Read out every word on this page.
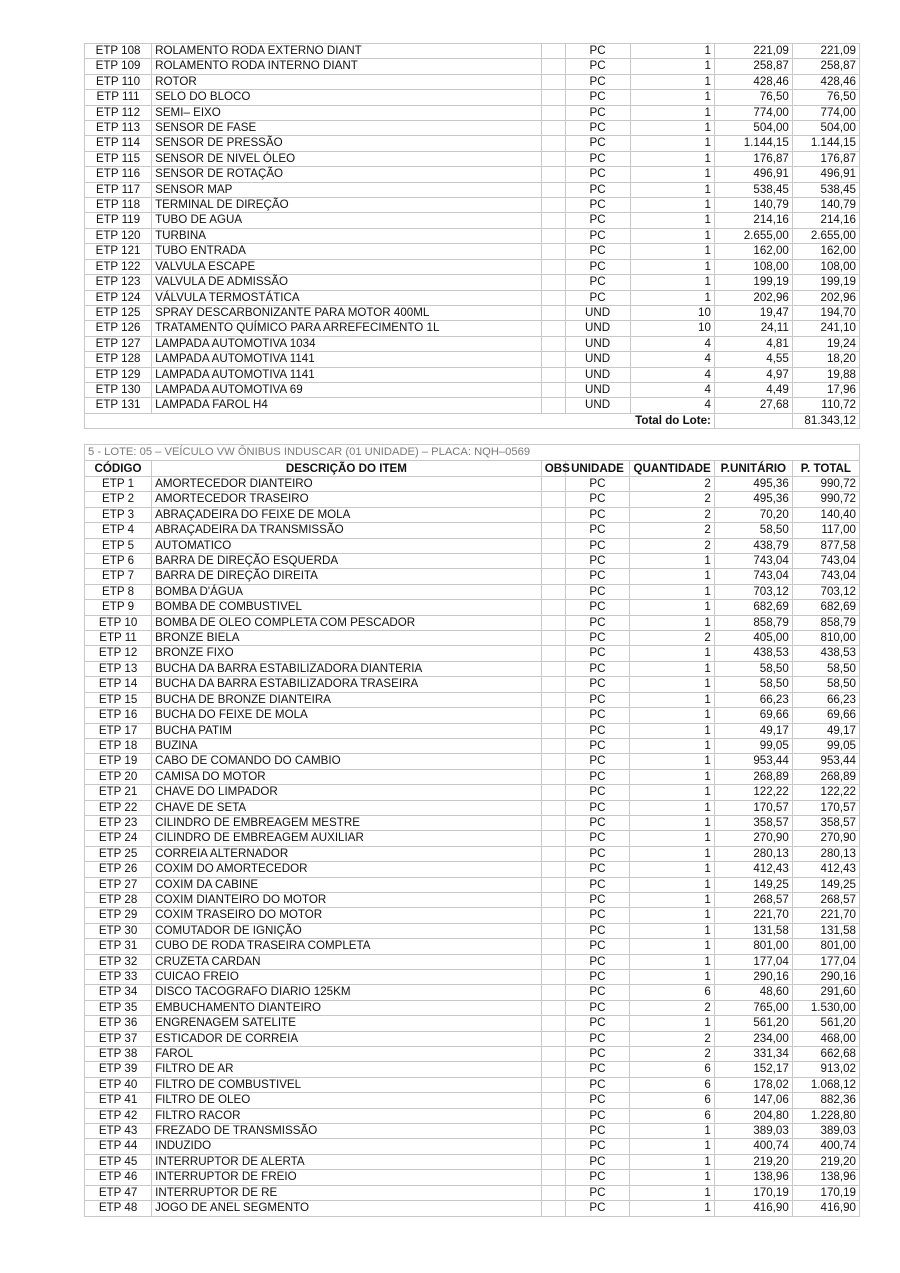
ETP 108	ROLAMENTO RODA EXTERNO DIANT		PC	1	221,09	221,09
ETP 109	ROLAMENTO RODA INTERNO DIANT		PC	1	258,87	258,87
ETP 110	ROTOR		PC	1	428,46	428,46
ETP 111	SELO DO BLOCO		PC	1	76,50	76,50
ETP 112	SEMI– EIXO		PC	1	774,00	774,00
ETP 113	SENSOR DE FASE		PC	1	504,00	504,00
ETP 114	SENSOR DE PRESSÃO		PC	1	1.144,15	1.144,15
ETP 115	SENSOR DE NIVEL ÓLEO		PC	1	176,87	176,87
ETP 116	SENSOR DE ROTAÇÃO		PC	1	496,91	496,91
ETP 117	SENSOR MAP		PC	1	538,45	538,45
ETP 118	TERMINAL DE DIREÇÃO		PC	1	140,79	140,79
ETP 119	TUBO DE AGUA		PC	1	214,16	214,16
ETP 120	TURBINA		PC	1	2.655,00	2.655,00
ETP 121	TUBO ENTRADA		PC	1	162,00	162,00
ETP 122	VALVULA ESCAPE		PC	1	108,00	108,00
ETP 123	VALVULA DE ADMISSÃO		PC	1	199,19	199,19
ETP 124	VÁLVULA TERMOSTÁTICA		PC	1	202,96	202,96
ETP 125	SPRAY DESCARBONIZANTE PARA MOTOR 400ML		UND	10	19,47	194,70
ETP 126	TRATAMENTO QUÍMICO PARA ARREFECIMENTO 1L		UND	10	24,11	241,10
ETP 127	LAMPADA AUTOMOTIVA 1034		UND	4	4,81	19,24
ETP 128	LAMPADA AUTOMOTIVA 1141		UND	4	4,55	18,20
ETP 129	LAMPADA AUTOMOTIVA 1141		UND	4	4,97	19,88
ETP 130	LAMPADA AUTOMOTIVA 69		UND	4	4,49	17,96
ETP 131	LAMPADA FAROL H4		UND	4	27,68	110,72
Total do Lote:						81.343,12
5 - LOTE: 05 – VEÍCULO VW ÔNIBUS INDUSCAR (01 UNIDADE) – PLACA: NQH–0569						
CÓDIGO	DESCRIÇÃO DO ITEM	OBS	UNIDADE	QUANTIDADE	P.UNITÁRIO	P. TOTAL
ETP 1	AMORTECEDOR DIANTEIRO		PC	2	495,36	990,72
ETP 2	AMORTECEDOR TRASEIRO		PC	2	495,36	990,72
ETP 3	ABRAÇADEIRA DO FEIXE DE MOLA		PC	2	70,20	140,40
ETP 4	ABRAÇADEIRA DA TRANSMISSÃO		PC	2	58,50	117,00
ETP 5	AUTOMATICO		PC	2	438,79	877,58
ETP 6	BARRA DE DIREÇÃO ESQUERDA		PC	1	743,04	743,04
ETP 7	BARRA DE DIREÇÃO DIREITA		PC	1	743,04	743,04
ETP 8	BOMBA D'ÁGUA		PC	1	703,12	703,12
ETP 9	BOMBA DE COMBUSTIVEL		PC	1	682,69	682,69
ETP 10	BOMBA DE OLEO COMPLETA COM PESCADOR		PC	1	858,79	858,79
ETP 11	BRONZE BIELA		PC	2	405,00	810,00
ETP 12	BRONZE FIXO		PC	1	438,53	438,53
ETP 13	BUCHA DA BARRA ESTABILIZADORA DIANTERIA		PC	1	58,50	58,50
ETP 14	BUCHA DA BARRA ESTABILIZADORA TRASEIRA		PC	1	58,50	58,50
ETP 15	BUCHA DE BRONZE DIANTEIRA		PC	1	66,23	66,23
ETP 16	BUCHA DO FEIXE DE MOLA		PC	1	69,66	69,66
ETP 17	BUCHA PATIM		PC	1	49,17	49,17
ETP 18	BUZINA		PC	1	99,05	99,05
ETP 19	CABO DE COMANDO DO CAMBIO		PC	1	953,44	953,44
ETP 20	CAMISA DO MOTOR		PC	1	268,89	268,89
ETP 21	CHAVE DO LIMPADOR		PC	1	122,22	122,22
ETP 22	CHAVE DE SETA		PC	1	170,57	170,57
ETP 23	CILINDRO DE EMBREAGEM MESTRE		PC	1	358,57	358,57
ETP 24	CILINDRO DE EMBREAGEM AUXILIAR		PC	1	270,90	270,90
ETP 25	CORREIA ALTERNADOR		PC	1	280,13	280,13
ETP 26	COXIM DO AMORTECEDOR		PC	1	412,43	412,43
ETP 27	COXIM DA CABINE		PC	1	149,25	149,25
ETP 28	COXIM DIANTEIRO DO MOTOR		PC	1	268,57	268,57
ETP 29	COXIM TRASEIRO DO MOTOR		PC	1	221,70	221,70
ETP 30	COMUTADOR DE IGNIÇÃO		PC	1	131,58	131,58
ETP 31	CUBO DE RODA TRASEIRA COMPLETA		PC	1	801,00	801,00
ETP 32	CRUZETA CARDAN		PC	1	177,04	177,04
ETP 33	CUICAO FREIO		PC	1	290,16	290,16
ETP 34	DISCO TACOGRAFO DIARIO 125KM		PC	6	48,60	291,60
ETP 35	EMBUCHAMENTO DIANTEIRO		PC	2	765,00	1.530,00
ETP 36	ENGRENAGEM SATELITE		PC	1	561,20	561,20
ETP 37	ESTICADOR DE CORREIA		PC	2	234,00	468,00
ETP 38	FAROL		PC	2	331,34	662,68
ETP 39	FILTRO DE AR		PC	6	152,17	913,02
ETP 40	FILTRO DE COMBUSTIVEL		PC	6	178,02	1.068,12
ETP 41	FILTRO DE OLEO		PC	6	147,06	882,36
ETP 42	FILTRO RACOR		PC	6	204,80	1.228,80
ETP 43	FREZADO DE TRANSMISSÃO		PC	1	389,03	389,03
ETP 44	INDUZIDO		PC	1	400,74	400,74
ETP 45	INTERRUPTOR DE ALERTA		PC	1	219,20	219,20
ETP 46	INTERRUPTOR DE FREIO		PC	1	138,96	138,96
ETP 47	INTERRUPTOR DE RE		PC	1	170,19	170,19
ETP 48	JOGO DE ANEL SEGMENTO		PC	1	416,90	416,90
